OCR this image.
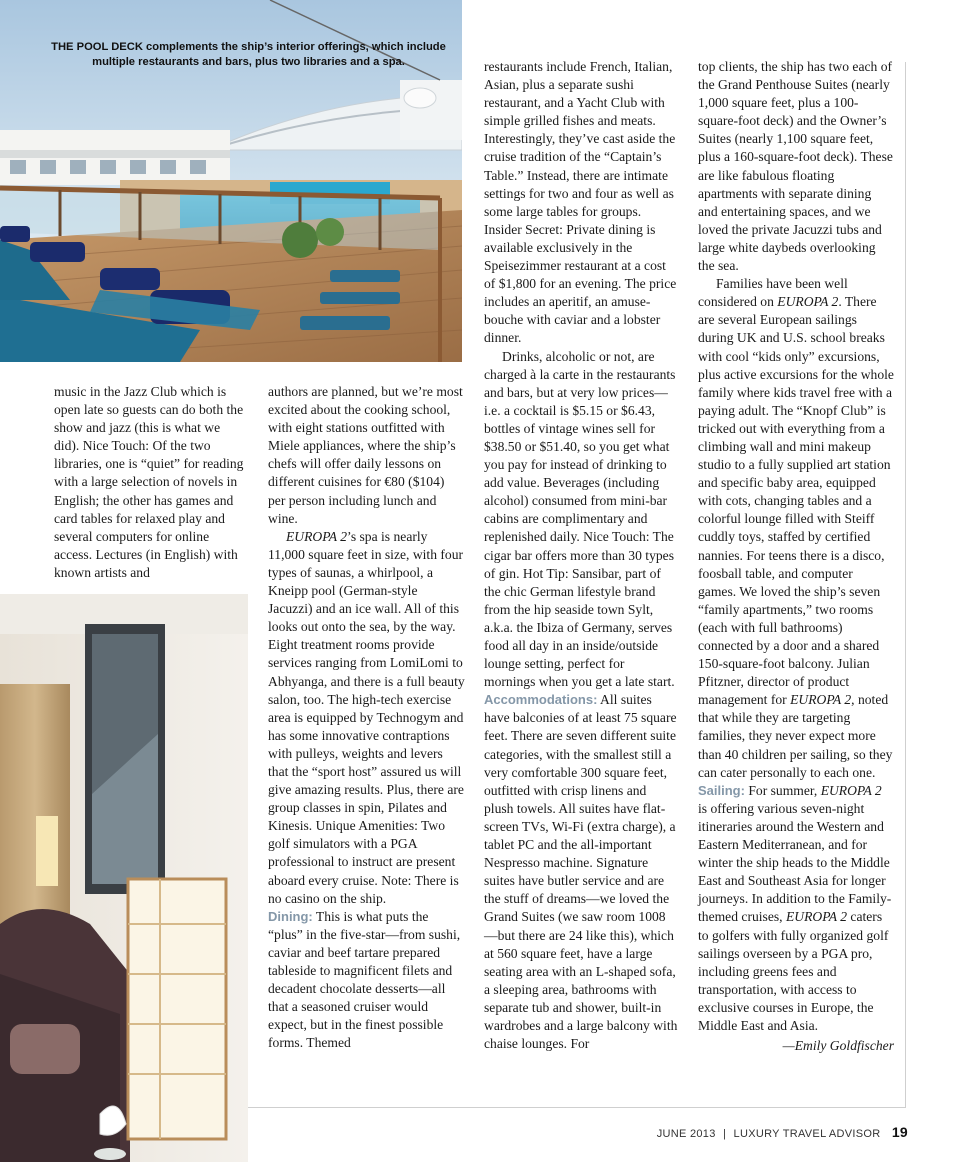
THE POOL DECK complements the ship’s interior offerings, which include multiple restaurants and bars, plus two libraries and a spa.

music in the Jazz Club which is open late so guests can do both the show and jazz (this is what we did). Nice Touch: Of the two libraries, one is “quiet” for reading with a large selection of novels in English; the other has games and card tables for relaxed play and several computers for online access. Lectures (in English) with known artists and

authors are planned, but we’re most excited about the cooking school, with eight stations outfitted with Miele appliances, where the ship’s chefs will offer daily lessons on different cuisines for €80 ($104) per person including lunch and wine.

EUROPA 2’s spa is nearly 11,000 square feet in size, with four types of saunas, a whirlpool, a Kneipp pool (German-style Jacuzzi) and an ice wall. All of this looks out onto the sea, by the way. Eight treatment rooms provide services ranging from LomiLomi to Abhyanga, and there is a full beauty salon, too. The high-tech exercise area is equipped by Technogym and has some innovative contraptions with pulleys, weights and levers that the “sport host” assured us will give amazing results. Plus, there are group classes in spin, Pilates and Kinesis. Unique Amenities: Two golf simulators with a PGA professional to instruct are present aboard every cruise. Note: There is no casino on the ship.

Dining: This is what puts the “plus” in the five-star—from sushi, caviar and beef tartare prepared tableside to magnificent filets and decadent chocolate desserts—all that a seasoned cruiser would expect, but in the finest possible forms. Themed

restaurants include French, Italian, Asian, plus a separate sushi restaurant, and a Yacht Club with simple grilled fishes and meats. Interestingly, they’ve cast aside the cruise tradition of the “Captain’s Table.” Instead, there are intimate settings for two and four as well as some large tables for groups. Insider Secret: Private dining is available exclusively in the Speisezimmer restaurant at a cost of $1,800 for an evening. The price includes an aperitif, an amuse-bouche with caviar and a lobster dinner.

Drinks, alcoholic or not, are charged à la carte in the restaurants and bars, but at very low prices—i.e. a cocktail is $5.15 or $6.43, bottles of vintage wines sell for $38.50 or $51.40, so you get what you pay for instead of drinking to add value. Beverages (including alcohol) consumed from mini-bar cabins are complimentary and replenished daily. Nice Touch: The cigar bar offers more than 30 types of gin. Hot Tip: Sansibar, part of the chic German lifestyle brand from the hip seaside town Sylt, a.k.a. the Ibiza of Germany, serves food all day in an inside/outside lounge setting, perfect for mornings when you get a late start.

Accommodations: All suites have balconies of at least 75 square feet. There are seven different suite categories, with the smallest still a very comfortable 300 square feet, outfitted with crisp linens and plush towels. All suites have flat-screen TVs, Wi-Fi (extra charge), a tablet PC and the all-important Nespresso machine. Signature suites have butler service and are the stuff of dreams—we loved the Grand Suites (we saw room 1008—but there are 24 like this), which at 560 square feet, have a large seating area with an L-shaped sofa, a sleeping area, bathrooms with separate tub and shower, built-in wardrobes and a large balcony with chaise lounges. For

top clients, the ship has two each of the Grand Penthouse Suites (nearly 1,000 square feet, plus a 100-square-foot deck) and the Owner’s Suites (nearly 1,100 square feet, plus a 160-square-foot deck). These are like fabulous floating apartments with separate dining and entertaining spaces, and we loved the private Jacuzzi tubs and large white daybeds overlooking the sea.

Families have been well considered on EUROPA 2. There are several European sailings during UK and U.S. school breaks with cool “kids only” excursions, plus active excursions for the whole family where kids travel free with a paying adult. The “Knopf Club” is tricked out with everything from a climbing wall and mini makeup studio to a fully supplied art station and specific baby area, equipped with cots, changing tables and a colorful lounge filled with Steiff cuddly toys, staffed by certified nannies. For teens there is a disco, foosball table, and computer games. We loved the ship’s seven “family apartments,” two rooms (each with full bathrooms) connected by a door and a shared 150-square-foot balcony. Julian Pfitzner, director of product management for EUROPA 2, noted that while they are targeting families, they never expect more than 40 children per sailing, so they can cater personally to each one.

Sailing: For summer, EUROPA 2 is offering various seven-night itineraries around the Western and Eastern Mediterranean, and for winter the ship heads to the Middle East and Southeast Asia for longer journeys. In addition to the Family-themed cruises, EUROPA 2 caters to golfers with fully organized golf sailings overseen by a PGA pro, including greens fees and transportation, with access to exclusive courses in Europe, the Middle East and Asia.

—Emily Goldfischer

JUNE 2013 | LUXURY TRAVEL ADVISOR 19
